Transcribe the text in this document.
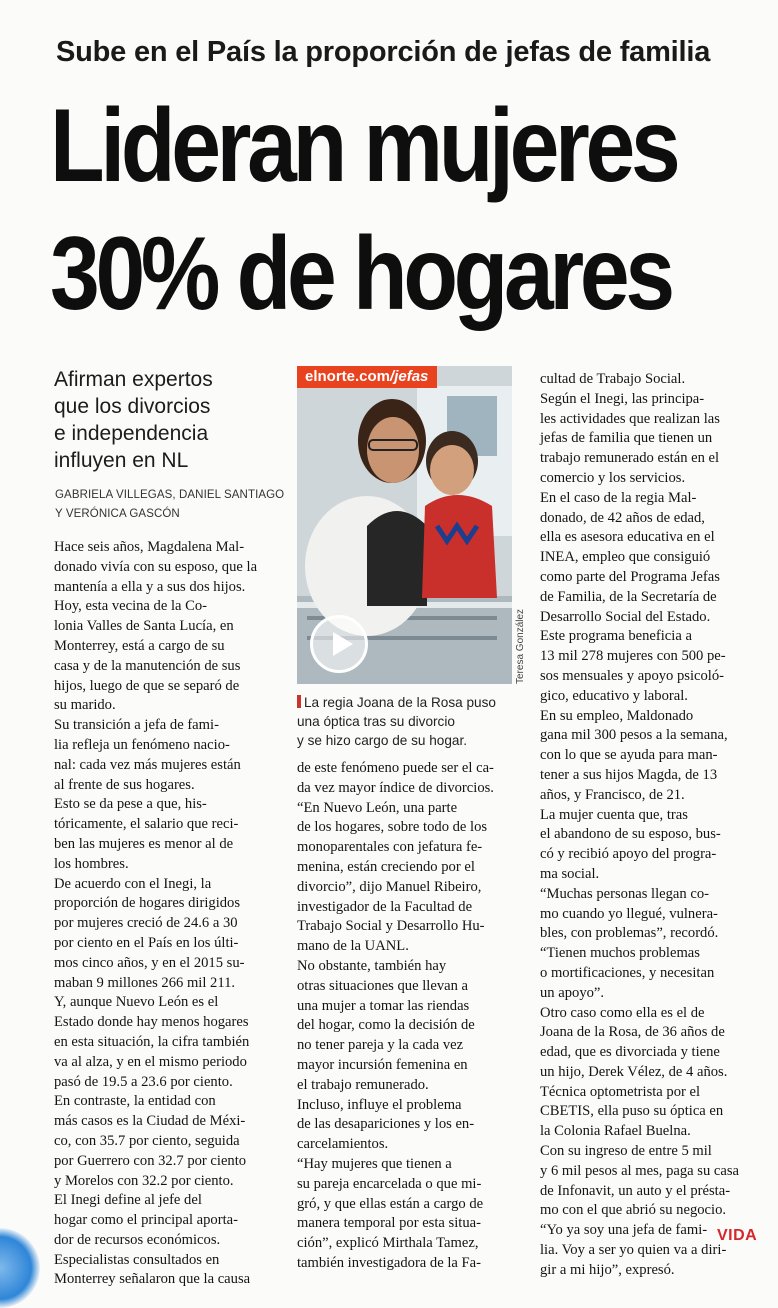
Sube en el País la proporción de jefas de familia
Lideran mujeres
30% de hogares
Afirman expertos
que los divorcios
e independencia
influyen en NL
GABRIELA VILLEGAS, DANIEL SANTIAGO
Y VERÓNICA GASCÓN

Hace seis años, Magdalena Mal-

donado vivía con su esposo, que la

mantenía a ella y a sus dos hijos.

Hoy, esta vecina de la Co-

lonia Valles de Santa Lucía, en

Monterrey, está a cargo de su

casa y de la manutención de sus

hijos, luego de que se separó de

su marido.

Su transición a jefa de fami-

lia refleja un fenómeno nacio-

nal: cada vez más mujeres están

al frente de sus hogares.

Esto se da pese a que, his-

tóricamente, el salario que reci-

ben las mujeres es menor al de

los hombres.

De acuerdo con el Inegi, la

proporción de hogares dirigidos

por mujeres creció de 24.6 a 30

por ciento en el País en los últi-

mos cinco años, y en el 2015 su-

maban 9 millones 266 mil 211.

Y, aunque Nuevo León es el

Estado donde hay menos hogares

en esta situación, la cifra también

va al alza, y en el mismo periodo

pasó de 19.5 a 23.6 por ciento.

En contraste, la entidad con

más casos es la Ciudad de Méxi-

co, con 35.7 por ciento, seguida

por Guerrero con 32.7 por ciento

y Morelos con 32.2 por ciento.

El Inegi define al jefe del

hogar como el principal aporta-

dor de recursos económicos.

Especialistas consultados en

Monterrey señalaron que la causa

de este fenómeno puede ser el ca-

da vez mayor índice de divorcios.

“En Nuevo León, una parte

de los hogares, sobre todo de los

monoparentales con jefatura fe-

menina, están creciendo por el

divorcio”, dijo Manuel Ribeiro,

investigador de la Facultad de

Trabajo Social y Desarrollo Hu-

mano de la UANL.

No obstante, también hay

otras situaciones que llevan a

una mujer a tomar las riendas

del hogar, como la decisión de

no tener pareja y la cada vez

mayor incursión femenina en

el trabajo remunerado.

Incluso, influye el problema

de las desapariciones y los en-

carcelamientos.

“Hay mujeres que tienen a

su pareja encarcelada o que mi-

gró, y que ellas están a cargo de

manera temporal por esta situa-

ción”, explicó Mirthala Tamez,

también investigadora de la Fa-

cultad de Trabajo Social.

Según el Inegi, las principa-

les actividades que realizan las

jefas de familia que tienen un

trabajo remunerado están en el

comercio y los servicios.

En el caso de la regia Mal-

donado, de 42 años de edad,

ella es asesora educativa en el

INEA, empleo que consiguió

como parte del Programa Jefas

de Familia, de la Secretaría de

Desarrollo Social del Estado.

Este programa beneficia a

13 mil 278 mujeres con 500 pe-

sos mensuales y apoyo psicoló-

gico, educativo y laboral.

En su empleo, Maldonado

gana mil 300 pesos a la semana,

con lo que se ayuda para man-

tener a sus hijos Magda, de 13

años, y Francisco, de 21.

La mujer cuenta que, tras

el abandono de su esposo, bus-

có y recibió apoyo del progra-

ma social.

“Muchas personas llegan co-

mo cuando yo llegué, vulnera-

bles, con problemas”, recordó.

“Tienen muchos problemas

o mortificaciones, y necesitan

un apoyo”.

Otro caso como ella es el de

Joana de la Rosa, de 36 años de

edad, que es divorciada y tiene

un hijo, Derek Vélez, de 4 años.

Técnica optometrista por el

CBETIS, ella puso su óptica en

la Colonia Rafael Buelna.

Con su ingreso de entre 5 mil

y 6 mil pesos al mes, paga su casa

de Infonavit, un auto y el présta-

mo con el que abrió su negocio.

“Yo ya soy una jefa de fami-

lia. Voy a ser yo quien va a diri-

gir a mi hijo”, expresó.

elnorte.com/jefas
Teresa González
La regia Joana de la Rosa puso
una óptica tras su divorcio
y se hizo cargo de su hogar.
VIDA
